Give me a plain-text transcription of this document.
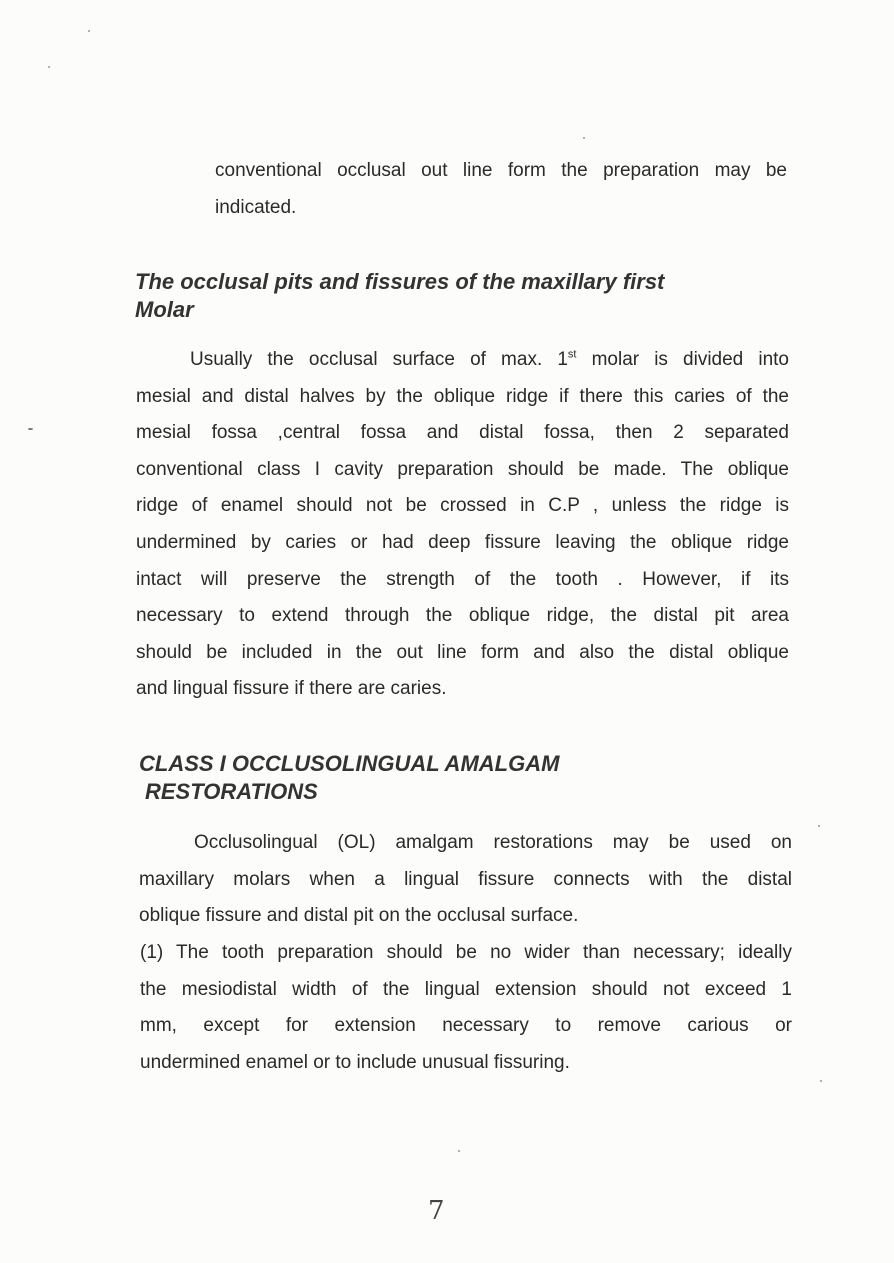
conventional occlusal out line form the preparation may be
indicated.
The occlusal pits and fissures of the maxillary first
Molar
Usually the occlusal surface of max. 1st molar is divided into
mesial and distal halves by the oblique ridge if there this caries of the
mesial fossa ,central fossa and distal fossa, then 2 separated
conventional class I cavity preparation should be made. The oblique
ridge of enamel should not be crossed in C.P , unless the ridge is
undermined by caries or had deep fissure leaving the oblique ridge
intact will preserve the strength of the tooth . However, if its
necessary to extend through the oblique ridge, the distal pit area
should be included in the out line form and also the distal oblique
and lingual fissure if there are caries.
CLASS I OCCLUSOLINGUAL AMALGAM
RESTORATIONS
Occlusolingual (OL) amalgam restorations may be used on
maxillary molars when a lingual fissure connects with the distal
oblique fissure and distal pit on the occlusal surface.
(1) The tooth preparation should be no wider than necessary; ideally
the mesiodistal width of the lingual extension should not exceed 1
mm, except for extension necessary to remove carious or
undermined enamel or to include unusual fissuring.
7
